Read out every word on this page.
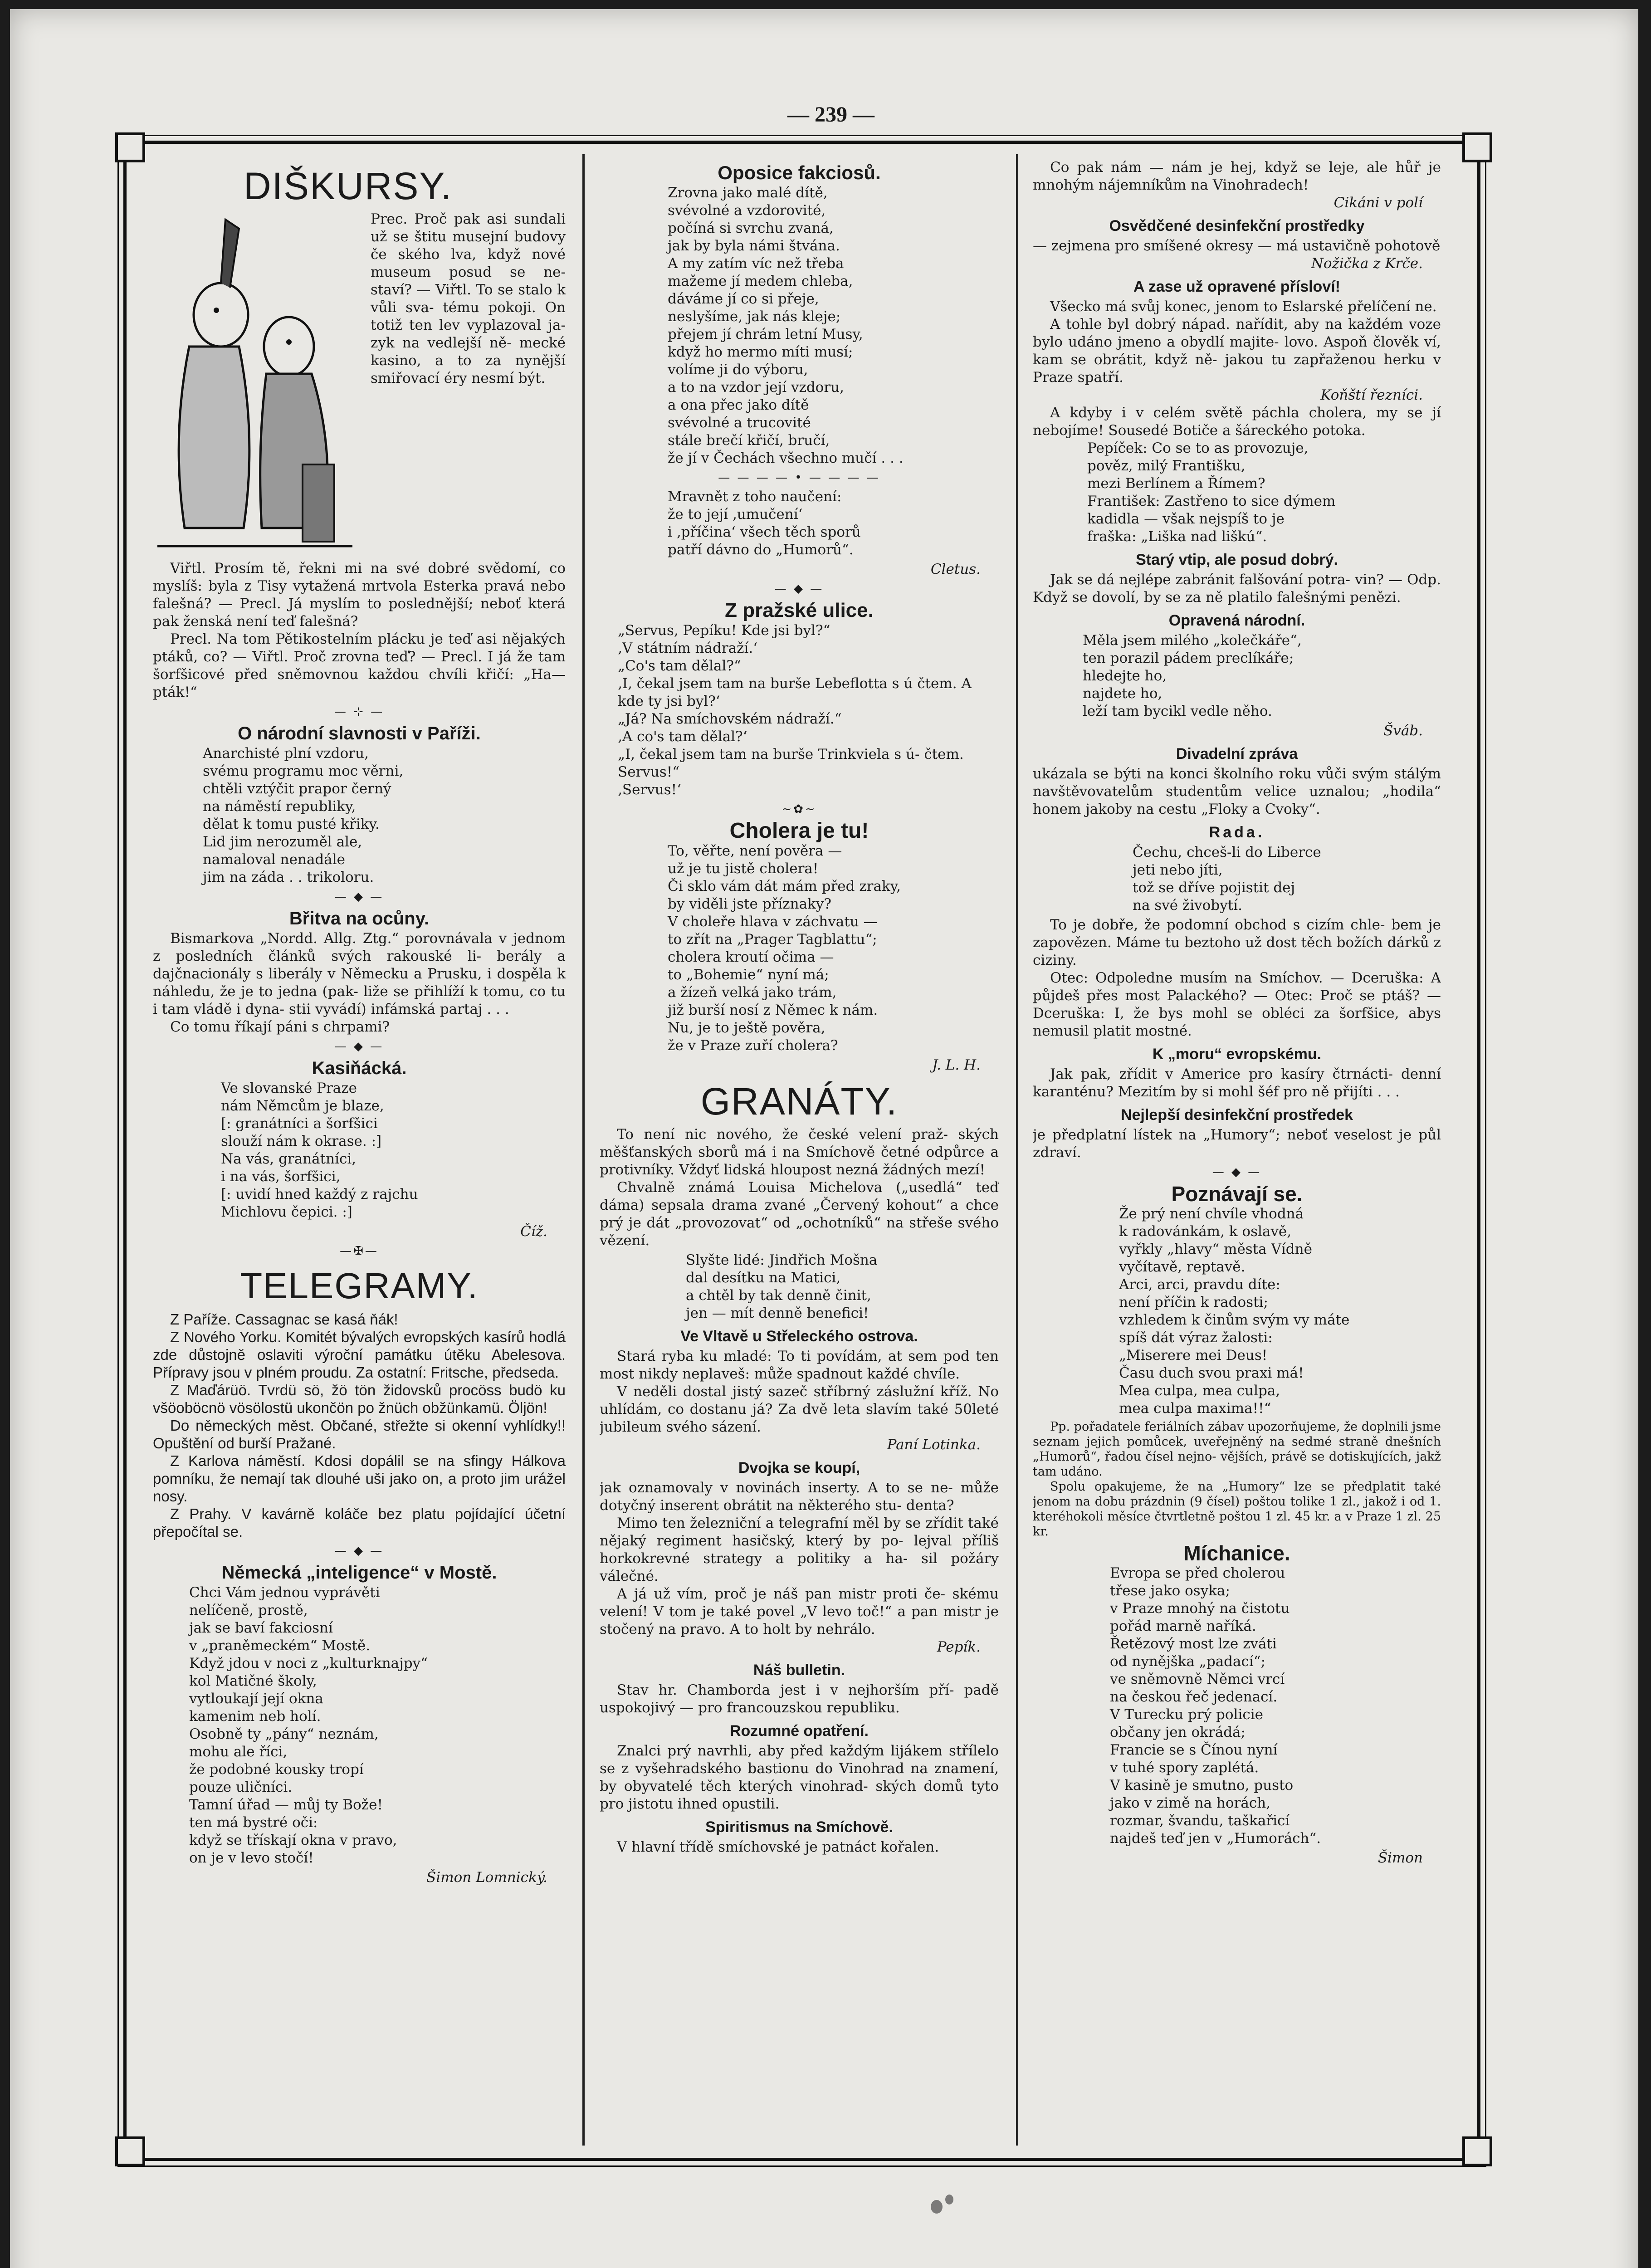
— 239 —
DIŠKURSY.

Prec. Proč pak asi sundali už se štitu musejní budovy če ského lva, když nové museum posud se ne- staví? — Viřtl. To se stalo k vůli sva- tému pokoji. On totiž ten lev vyplazoval ja- zyk na vedlejší ně- mecké kasino, a to za nynější smiřovací éry nesmí být.

Viřtl. Prosím tě, řekni mi na své dobré svědomí, co myslíš: byla z Tisy vytažená mrtvola Esterka pravá nebo falešná? — Precl. Já myslím to poslednější; neboť která pak ženská není teď falešná?

Precl. Na tom Pětikostelním plácku je teď asi nějakých ptáků, co? — Viřtl. Proč zrovna teď? — Precl. I já že tam šorfšicové před sněmovnou každou chvíli křičí: „Ha—pták!“

— ⊹ —
O národní slavnosti v Paříži.
Anarchisté plní vzdoru,
svému programu moc věrni,
chtěli vztýčit prapor černý
na náměstí republiky,
dělat k tomu pusté křiky.
Lid jim nerozuměl ale,
namaloval nenadále
jim na záda . . trikoloru.
— ◆ —
Břitva na ocůny.

Bismarkova „Nordd. Allg. Ztg.“ porovnávala v jednom z posledních článků svých rakouské li- berály a dajčnacionály s liberály v Německu a Prusku, i dospěla k náhledu, že je to jedna (pak- liže se přihlíží k tomu, co tu i tam vládě i dyna- stii vyvádí) infámská partaj . . .

Co tomu říkají páni s chrpami?

— ◆ —
Kasiňácká.
Ve slovanské Praze
nám Němcům je blaze,
[: granátníci a šorfšici
slouží nám k okrase. :]
Na vás, granátníci,
i na vás, šorfšici,
[: uvidí hned každý z rajchu
Michlovu čepici. :]
Číž.
—✠—
TELEGRAMY.

Z Paříže. Cassagnac se kasá ňák!

Z Nového Yorku. Komitét bývalých evropských kasírů hodlá zde důstojně oslaviti výroční památku útěku Abelesova. Přípravy jsou v plném proudu. Za ostatní: Fritsche, předseda.

Z Maďárüö. Tvrdü sö, žö tön židovsků procöss budö ku všöoböcnö vösölostü ukončön po žnüch obžünkamü. Öljön!

Do německých měst. Občané, střežte si okenní vyhlídky!! Opuštění od burší Pražané.

Z Karlova náměstí. Kdosi dopálil se na sfingy Hálkova pomníku, že nemají tak dlouhé uši jako on, a proto jim urážel nosy.

Z Prahy. V kavárně koláče bez platu pojídající účetní přepočítal se.

— ◆ —
Německá „inteligence“ v Mostě.
Chci Vám jednou vyprávěti
nelíčeně, prostě,
jak se baví fakciosní
v „praněmeckém“ Mostě.
Když jdou v noci z „kulturknajpy“
kol Matičné školy,
vytloukají její okna
kamenim neb holí.
Osobně ty „pány“ neznám,
mohu ale říci,
že podobné kousky tropí
pouze uličníci.
Tamní úřad — můj ty Bože!
ten má bystré oči:
když se třískají okna v pravo,
on je v levo stočí!
Šimon Lomnický.
Oposice fakciosů.
Zrovna jako malé dítě,
svévolné a vzdorovité,
počíná si svrchu zvaná,
jak by byla námi štvána.
A my zatím víc než třeba
mažeme jí medem chleba,
dáváme jí co si přeje,
neslyšíme, jak nás kleje;
přejem jí chrám letní Musy,
když ho mermo míti musí;
volíme ji do výboru,
a to na vzdor její vzdoru,
a ona přec jako dítě
svévolné a trucovité
stále brečí křičí, bručí,
že jí v Čechách všechno mučí . . .
— — — — • — — — —
Mravnět z toho naučení:
že to její ‚umučení‘
i ‚příčina‘ všech těch sporů
patří dávno do „Humorů“.
Cletus.
— ◆ —
Z pražské ulice.
„Servus, Pepíku! Kde jsi byl?“
‚V státním nádraží.‘
„Co's tam dělal?“
‚I, čekal jsem tam na burše Lebeflotta s ú čtem. A kde ty jsi byl?‘
„Já? Na smíchovském nádraží.“
‚A co's tam dělal?‘
„I, čekal jsem tam na burše Trinkviela s ú- čtem. Servus!“
‚Servus!‘
~✿~
Cholera je tu!
To, věřte, není pověra —
už je tu jistě cholera!
Či sklo vám dát mám před zraky,
by viděli jste příznaky?
V choleře hlava v záchvatu —
to zřít na „Prager Tagblattu“;
cholera kroutí očima —
to „Bohemie“ nyní má;
a žízeň velká jako trám,
již burší nosí z Němec k nám.
Nu, je to ještě pověra,
že v Praze zuří cholera?
J. L. H.
GRANÁTY.

To není nic nového, že české velení praž- ských měšťanských sborů má i na Smíchově četné odpůrce a protivníky. Vždyť lidská hloupost nezná žádných mezí!

Chvalně známá Louisa Michelova („usedlá“ teď dáma) sepsala drama zvané „Červený kohout“ a chce prý je dát „provozovat“ od „ochotníků“ na střeše svého vězení.

Slyšte lidé: Jindřich Mošna
dal desítku na Matici,
a chtěl by tak denně činit,
jen — mít denně benefici!
Ve Vltavě u Střeleckého ostrova.

Stará ryba ku mladé: To ti povídám, at sem pod ten most nikdy neplaveš: může spadnout každé chvíle.

V neděli dostal jistý sazeč stříbrný záslužní kříž. No uhlídám, co dostanu já? Za dvě leta slavím také 50leté jubileum svého sázení.

Paní Lotinka.
Dvojka se koupí,

jak oznamovaly v novinách inserty. A to se ne- může dotyčný inserent obrátit na některého stu- denta?

Mimo ten železniční a telegrafní měl by se zřídit také nějaký regiment hasičský, který by po- lejval příliš horkokrevné strategy a politiky a ha- sil požáry válečné.

A já už vím, proč je náš pan mistr proti če- skému velení! V tom je také povel „V levo toč!“ a pan mistr je stočený na pravo. A to holt by nehrálo.

Pepík.
Náš bulletin.

Stav hr. Chamborda jest i v nejhorším pří- padě uspokojivý — pro francouzskou republiku.

Rozumné opatření.

Znalci prý navrhli, aby před každým lijákem střílelo se z vyšehradského bastionu do Vinohrad na znamení, by obyvatelé těch kterých vinohrad- ských domů tyto pro jistotu ihned opustili.

Spiritismus na Smíchově.

V hlavní třídě smíchovské je patnáct kořalen.

Co pak nám — nám je hej, když se leje, ale hůř je mnohým nájemníkům na Vinohradech!

Cikáni v polí
Osvědčené desinfekční prostředky

— zejmena pro smíšené okresy — má ustavičně pohotově

Nožička z Krče.
A zase už opravené přísloví!

Všecko má svůj konec, jenom to Eslarské přelíčení ne.

A tohle byl dobrý nápad. nařídit, aby na každém voze bylo udáno jmeno a obydlí majite- lovo. Aspoň člověk ví, kam se obrátit, když ně- jakou tu zapřaženou herku v Praze spatří.

Koňští řezníci.

A kdyby i v celém světě páchla cholera, my se jí nebojíme! Sousedé Botiče a šáreckého potoka.

Pepíček: Co se to as provozuje,
pověz, milý Františku,
mezi Berlínem a Římem?
František: Zastřeno to sice dýmem
kadidla — však nejspíš to je
fraška: „Liška nad liškú“.
Starý vtip, ale posud dobrý.

Jak se dá nejlépe zabránit falšování potra- vin? — Odp. Když se dovolí, by se za ně platilo falešnými penězi.

Opravená národní.
Měla jsem milého „kolečkáře“,
ten porazil pádem preclíkáře;
hledejte ho,
najdete ho,
leží tam bycikl vedle něho.
Šváb.
Divadelní zpráva

ukázala se býti na konci školního roku vůči svým stálým navštěvovatelům studentům velice uznalou; „hodila“ honem jakoby na cestu „Floky a Cvoky“.

Rada.
Čechu, chceš-li do Liberce
jeti nebo jíti,
tož se dříve pojistit dej
na své živobytí.

To je dobře, že podomní obchod s cizím chle- bem je zapovězen. Máme tu beztoho už dost těch božích dárků z ciziny.

Otec: Odpoledne musím na Smíchov. — Dceruška: A půjdeš přes most Palackého? — Otec: Proč se ptáš? — Dceruška: I, že bys mohl se obléci za šorfšice, abys nemusil platit mostné.

K „moru“ evropskému.

Jak pak, zřídit v Americe pro kasíry čtrnácti- denní karanténu? Mezitím by si mohl šéf pro ně přijíti . . .

Nejlepší desinfekční prostředek

je předplatní lístek na „Humory“; neboť veselost je půl zdraví.

— ◆ —
Poznávají se.
Že prý není chvíle vhodná
k radovánkám, k oslavě,
vyřkly „hlavy“ města Vídně
vyčítavě, reptavě.
Arci, arci, pravdu díte:
není příčin k radosti;
vzhledem k činům svým vy máte
spíš dát výraz žalosti:
„Miserere mei Deus!
Času duch svou praxi má!
Mea culpa, mea culpa,
mea culpa maxima!!“

Pp. pořadatele feriálních zábav upozorňujeme, že doplnili jsme seznam jejich pomůcek, uveřejněný na sedmé straně dnešních „Humorů“, řadou čísel nejno- vějších, právě se dotiskujících, jakž tam udáno.

Spolu opakujeme, že na „Humory“ lze se předplatit také jenom na dobu prázdnin (9 čísel) poštou tolike 1 zl., jakož i od 1. kteréhokoli měsíce čtvrtletně poštou 1 zl. 45 kr. a v Praze 1 zl. 25 kr.

Míchanice.
Evropa se před cholerou
třese jako osyka;
v Praze mnohý na čistotu
pořád marně naříká.
Řetězový most lze zváti
od nynějška „padací“;
ve sněmovně Němci vrcí
na českou řeč jedenací.
V Turecku prý policie
občany jen okrádá;
Francie se s Čínou nyní
v tuhé spory zaplétá.
V kasině je smutno, pusto
jako v zimě na horách,
rozmar, švandu, taškařicí
najdeš teď jen v „Humorách“.
Šimon
